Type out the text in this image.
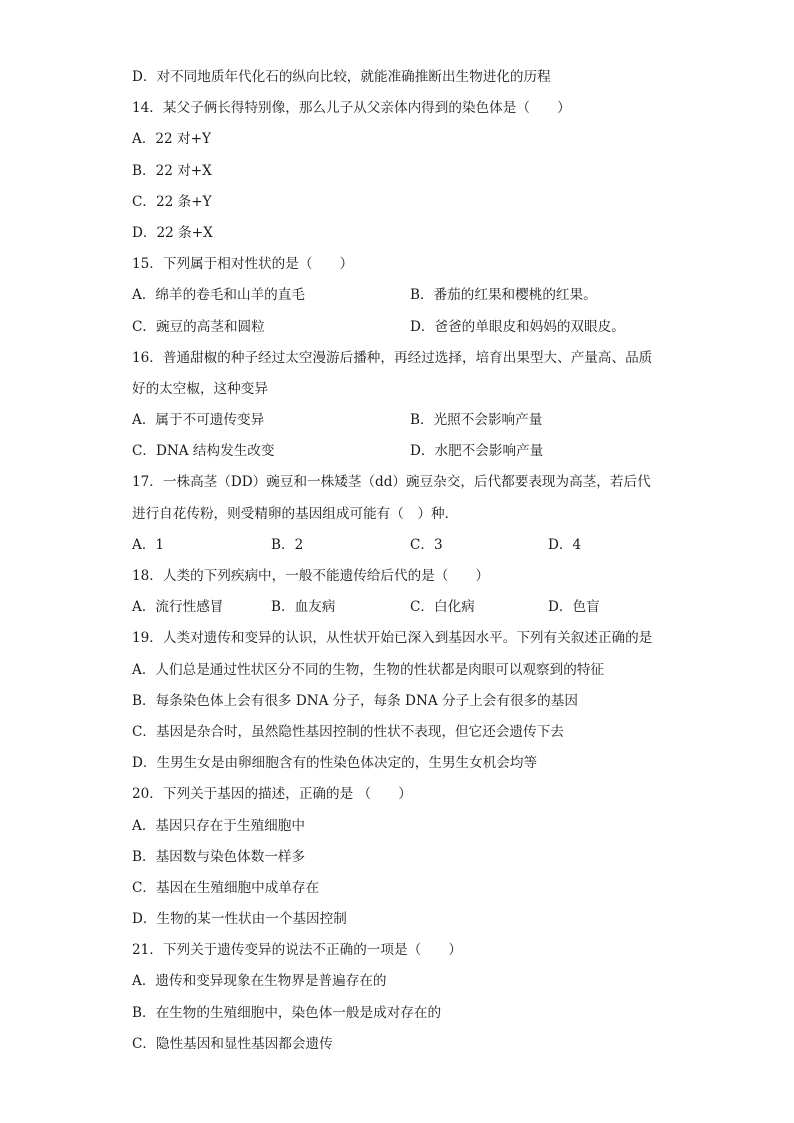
D．对不同地质年代化石的纵向比较，就能准确推断出生物进化的历程
14．某父子俩长得特别像，那么儿子从父亲体内得到的染色体是（　　）
A．22 对+Y
B．22 对+X
C．22 条+Y
D．22 条+X
15．下列属于相对性状的是（　　）
A．绵羊的卷毛和山羊的直毛	B．番茄的红果和樱桃的红果。
C．豌豆的高茎和圆粒	D．爸爸的单眼皮和妈妈的双眼皮。
16．普通甜椒的种子经过太空漫游后播种，再经过选择，培育出果型大、产量高、品质
好的太空椒，这种变异
A．属于不可遗传变异	B．光照不会影响产量
C．DNA 结构发生改变	D．水肥不会影响产量
17．一株高茎（DD）豌豆和一株矮茎（dd）豌豆杂交，后代都要表现为高茎，若后代
进行自花传粉，则受精卵的基因组成可能有（　）种．
A．1	B．2	C．3	D．4
18．人类的下列疾病中，一般不能遗传给后代的是（　　）
A．流行性感冒	B．血友病	C．白化病	D．色盲
19．人类对遗传和变异的认识，从性状开始已深入到基因水平。下列有关叙述正确的是
A．人们总是通过性状区分不同的生物，生物的性状都是肉眼可以观察到的特征
B．每条染色体上会有很多 DNA 分子，每条 DNA 分子上会有很多的基因
C．基因是杂合时，虽然隐性基因控制的性状不表现，但它还会遗传下去
D．生男生女是由卵细胞含有的性染色体决定的，生男生女机会均等
20．下列关于基因的描述，正确的是 （　　）
A．基因只存在于生殖细胞中
B．基因数与染色体数一样多
C．基因在生殖细胞中成单存在
D．生物的某一性状由一个基因控制
21．下列关于遗传变异的说法不正确的一项是（　　）
A．遗传和变异现象在生物界是普遍存在的
B．在生物的生殖细胞中，染色体一般是成对存在的
C．隐性基因和显性基因都会遗传
